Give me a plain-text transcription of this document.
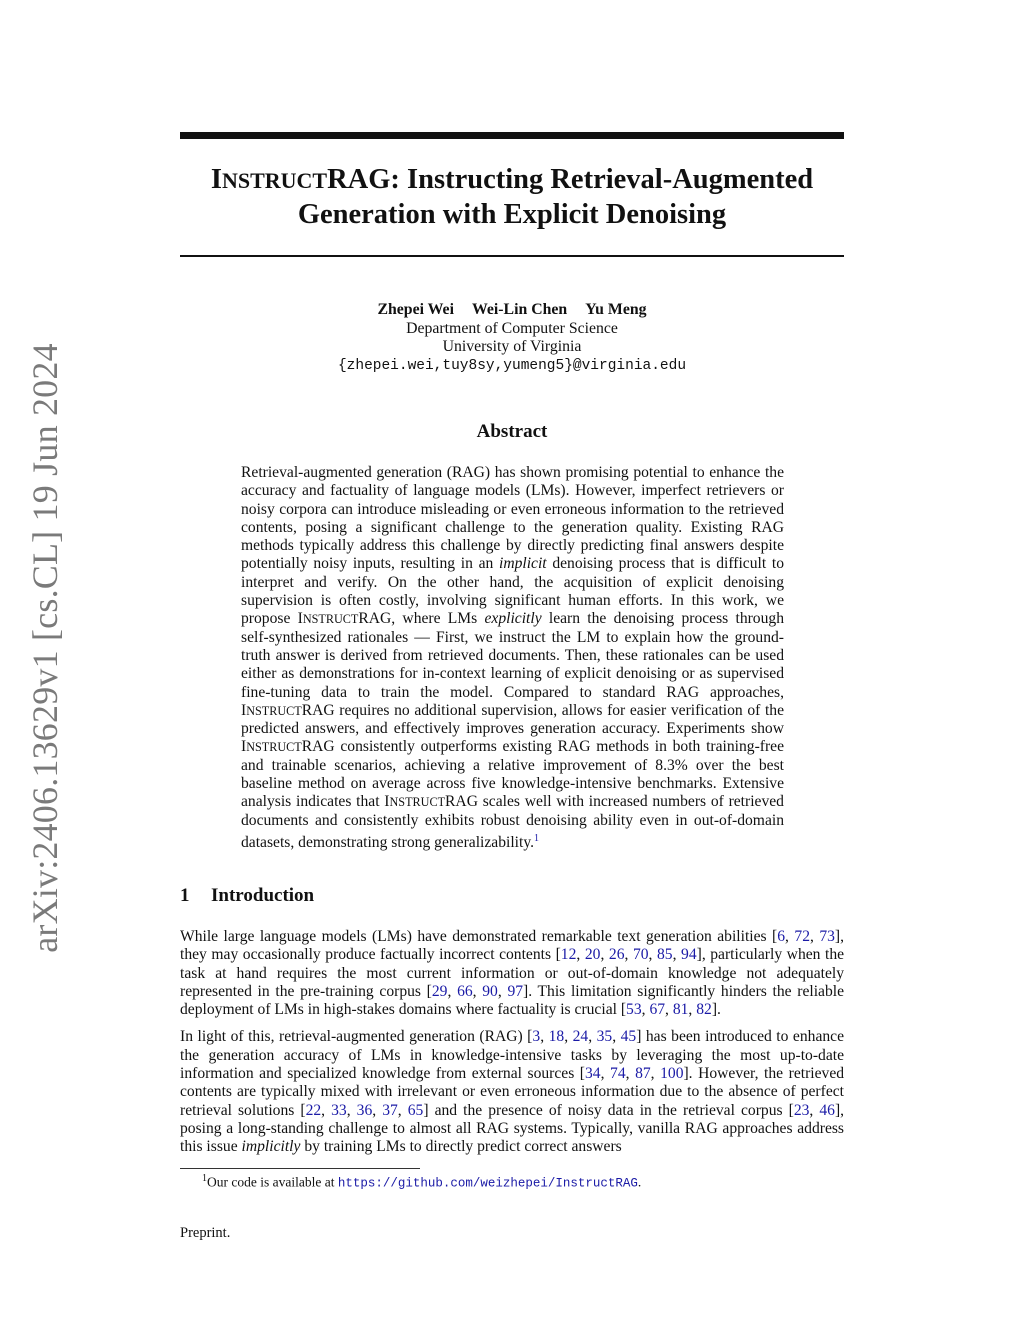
arXiv:2406.13629v1 [cs.CL] 19 Jun 2024
INSTRUCTRAG: Instructing Retrieval-Augmented
Generation with Explicit Denoising
Zhepei Wei Wei-Lin Chen Yu Meng
Department of Computer Science
University of Virginia
{zhepei.wei,tuy8sy,yumeng5}@virginia.edu
Abstract
Retrieval-augmented generation (RAG) has shown promising potential to enhance the accuracy and factuality of language models (LMs). However, imperfect retrievers or noisy corpora can introduce misleading or even erroneous information to the retrieved contents, posing a significant challenge to the generation quality. Existing RAG methods typically address this challenge by directly predicting final answers despite potentially noisy inputs, resulting in an implicit denoising process that is difficult to interpret and verify. On the other hand, the acquisition of explicit denoising supervision is often costly, involving significant human efforts. In this work, we propose INSTRUCTRAG, where LMs explicitly learn the denoising process through self-synthesized rationales — First, we instruct the LM to explain how the ground-truth answer is derived from retrieved documents. Then, these rationales can be used either as demonstrations for in-context learning of explicit denoising or as supervised fine-tuning data to train the model. Compared to standard RAG approaches, INSTRUCTRAG requires no additional supervision, allows for easier verification of the predicted answers, and effectively improves generation accuracy. Experiments show INSTRUCTRAG consistently outperforms existing RAG methods in both training-free and trainable scenarios, achieving a relative improvement of 8.3% over the best baseline method on average across five knowledge-intensive benchmarks. Extensive analysis indicates that INSTRUCTRAG scales well with increased numbers of retrieved documents and consistently exhibits robust denoising ability even in out-of-domain datasets, demonstrating strong generalizability.$^1$
1 Introduction

While large language models (LMs) have demonstrated remarkable text generation abilities [6, 72, 73], they may occasionally produce factually incorrect contents [12, 20, 26, 70, 85, 94], particularly when the task at hand requires the most current information or out-of-domain knowledge not adequately represented in the pre-training corpus [29, 66, 90, 97]. This limitation significantly hinders the reliable deployment of LMs in high-stakes domains where factuality is crucial [53, 67, 81, 82].

In light of this, retrieval-augmented generation (RAG) [3, 18, 24, 35, 45] has been introduced to enhance the generation accuracy of LMs in knowledge-intensive tasks by leveraging the most up-to-date information and specialized knowledge from external sources [34, 74, 87, 100]. However, the retrieved contents are typically mixed with irrelevant or even erroneous information due to the absence of perfect retrieval solutions [22, 33, 36, 37, 65] and the presence of noisy data in the retrieval corpus [23, 46], posing a long-standing challenge to almost all RAG systems. Typically, vanilla RAG approaches address this issue implicitly by training LMs to directly predict correct answers

$^1$Our code is available at https://github.com/weizhepei/InstructRAG.
Preprint.
